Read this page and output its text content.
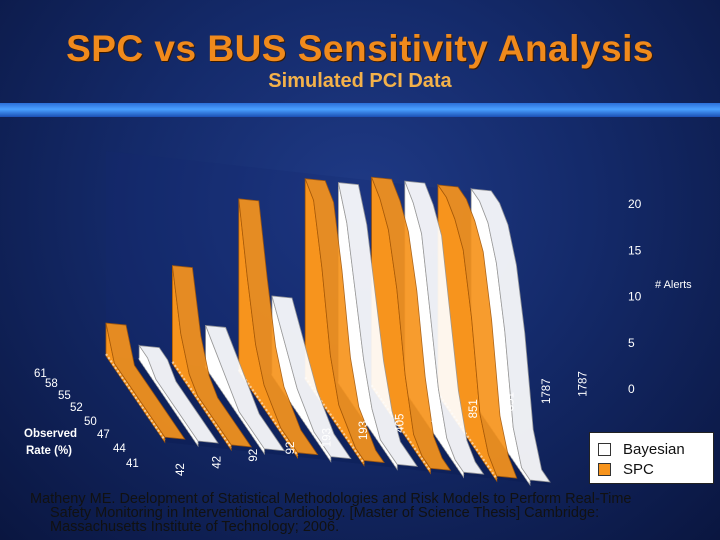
SPC vs BUS Sensitivity Analysis
Simulated PCI Data
0
5
10
15
20
# Alerts
61
58
55
52
50
47
44
41
Observed
Rate (%)
42
42
92
92
193 193 405 405 851 851 1787 1787
Bayesian
SPC
Matheny ME. Deelopment of Statistical Methodologies and Risk Models to Perform Real-Time
Safety Monitoring in Interventional Cardiology. [Master of Science Thesis] Cambridge:
Massachusetts Institute of Technology; 2006.
